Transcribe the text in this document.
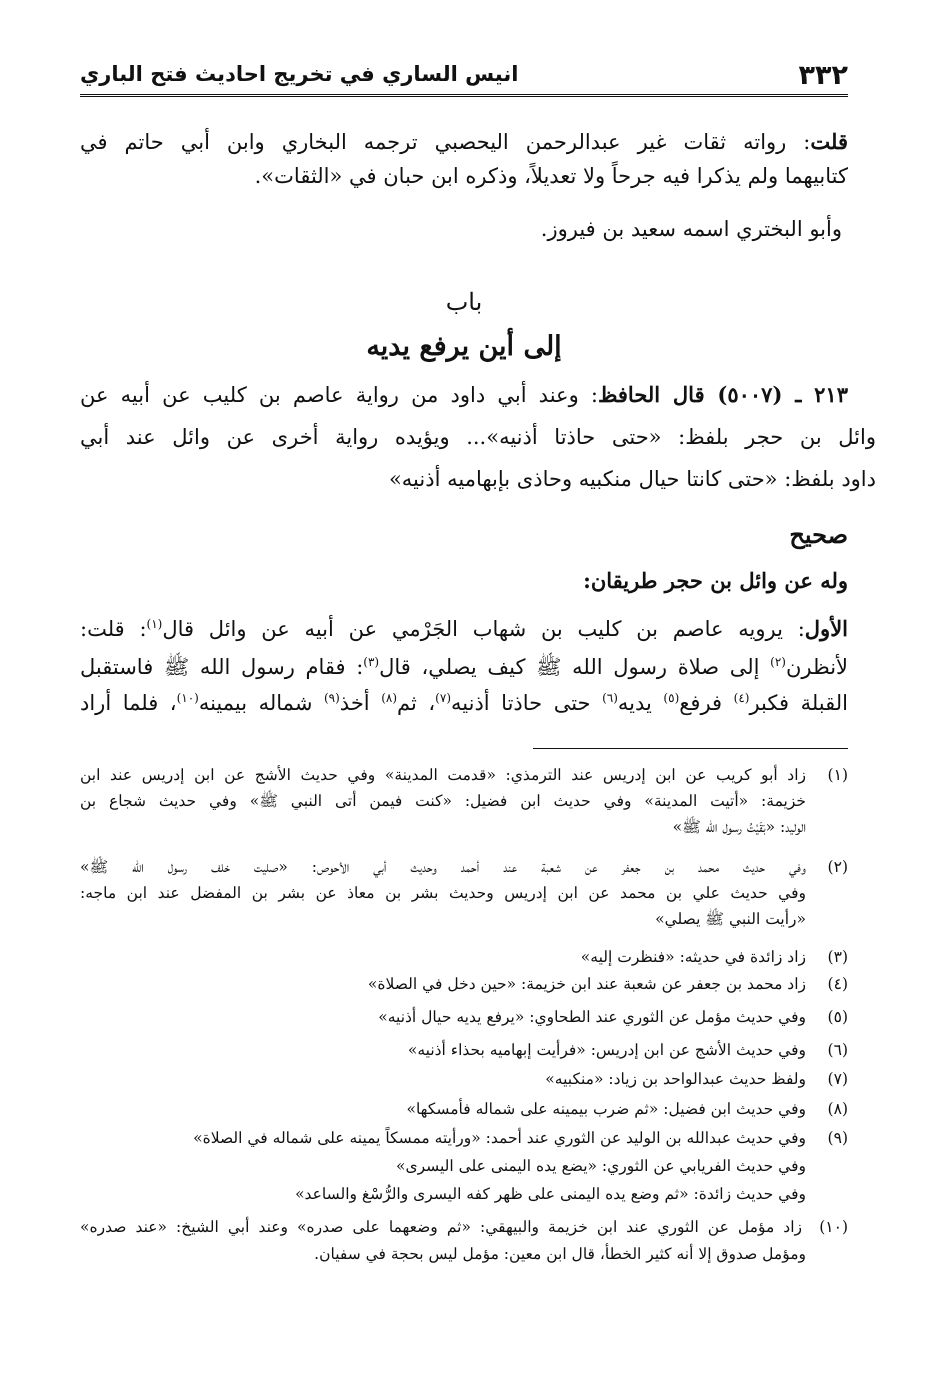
٣٣٢
انيس الساري في تخريج احاديث فتح الباري
قلت: رواته ثقات غير عبدالرحمن اليحصبي ترجمه البخاري وابن أبي حاتم في
كتابيهما ولم يذكرا فيه جرحاً ولا تعديلاً، وذكره ابن حبان في «الثقات».
وأبو البختري اسمه سعيد بن فيروز.
باب
إلى أين يرفع يديه
٢١٣ ـ (٥٠٠٧) قال الحافظ: وعند أبي داود من رواية عاصم بن كليب عن أبيه عن
وائل بن حجر بلفظ: «حتى حاذتا أذنيه»... ويؤيده رواية أخرى عن وائل عند أبي
داود بلفظ: «حتى كانتا حيال منكبيه وحاذى بإبهاميه أذنيه»
صحيح
وله عن وائل بن حجر طريقان:
الأول: يرويه عاصم بن كليب بن شهاب الجَرْمي عن أبيه عن وائل قال$^{(١)}$: قلت:
لأنظرن$^{(٢)}$ إلى صلاة رسول الله ﷺ كيف يصلي، قال$^{(٣)}$: فقام رسول الله ﷺ فاستقبل
القبلة فكبر$^{(٤)}$ فرفع$^{(٥)}$ يديه$^{(٦)}$ حتى حاذتا أذنيه$^{(٧)}$، ثم$^{(٨)}$ أخذ$^{(٩)}$ شماله بيمينه$^{(١٠)}$، فلما أراد
(١)
زاد أبو كريب عن ابن إدريس عند الترمذي: «قدمت المدينة» وفي حديث الأشج عن ابن إدريس عند ابن
خزيمة: «أتيت المدينة» وفي حديث ابن فضيل: «كنت فيمن أتى النبي ﷺ» وفي حديث شجاع بن
الوليد: «بَقَيْتُ رسول الله ﷺ»
(٢)
وفي حديث محمد بن جعفر عن شعبة عند أحمد وحديث أبي الأحوص: «صليت خلف رسول الله ﷺ»
وفي حديث علي بن محمد عن ابن إدريس وحديث بشر بن معاذ عن بشر بن المفضل عند ابن ماجه:
«رأيت النبي ﷺ يصلي»
(٣)
زاد زائدة في حديثه: «فنظرت إليه»
(٤)
زاد محمد بن جعفر عن شعبة عند ابن خزيمة: «حين دخل في الصلاة»
(٥)
وفي حديث مؤمل عن الثوري عند الطحاوي: «يرفع يديه حيال أذنيه»
(٦)
وفي حديث الأشج عن ابن إدريس: «فرأيت إبهاميه بحذاء أذنيه»
(٧)
ولفظ حديث عبدالواحد بن زياد: «منكبيه»
(٨)
وفي حديث ابن فضيل: «ثم ضرب بيمينه على شماله فأمسكها»
(٩)
وفي حديث عبدالله بن الوليد عن الثوري عند أحمد: «ورأيته ممسكاً يمينه على شماله في الصلاة»
وفي حديث الفريابي عن الثوري: «يضع يده اليمنى على اليسرى»
وفي حديث زائدة: «ثم وضع يده اليمنى على ظهر كفه اليسرى والرُّسْغ والساعد»
(١٠)
زاد مؤمل عن الثوري عند ابن خزيمة والبيهقي: «ثم وضعهما على صدره» وعند أبي الشيخ: «عند صدره»
ومؤمل صدوق إلا أنه كثير الخطأ، قال ابن معين: مؤمل ليس بحجة في سفيان.
